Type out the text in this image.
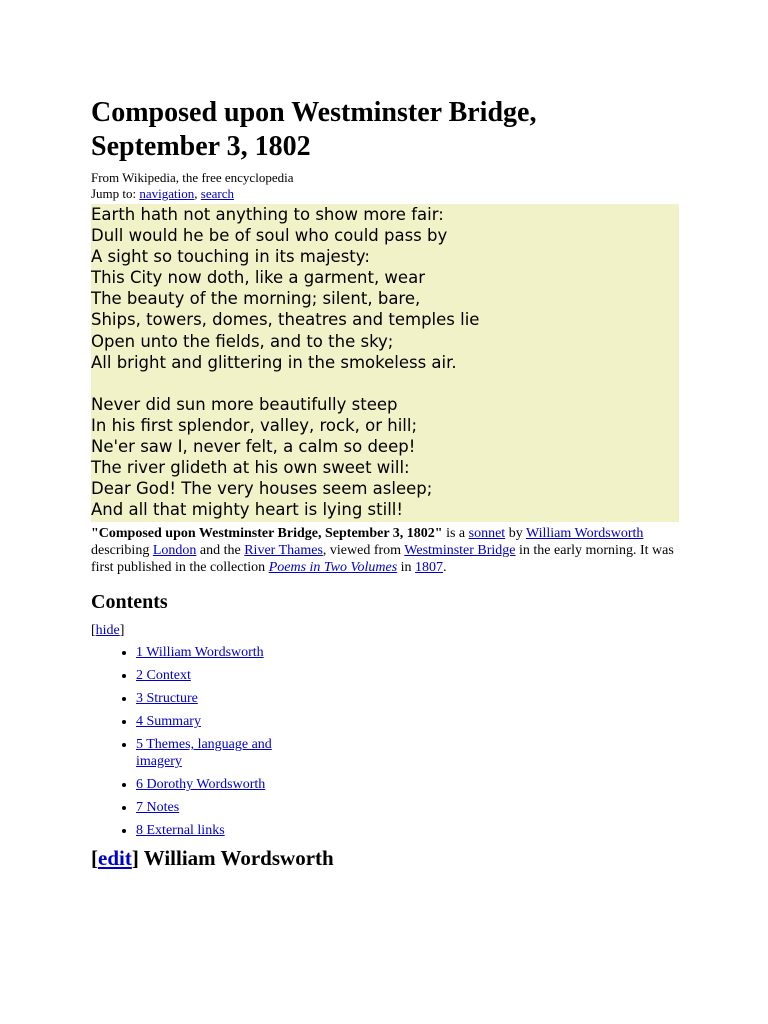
Composed upon Westminster Bridge,
September 3, 1802
From Wikipedia, the free encyclopedia
Jump to: navigation, search
Earth hath not anything to show more fair:
Dull would he be of soul who could pass by
A sight so touching in its majesty:
This City now doth, like a garment, wear
The beauty of the morning; silent, bare,
Ships, towers, domes, theatres and temples lie
Open unto the fields, and to the sky;
All bright and glittering in the smokeless air.
Never did sun more beautifully steep
In his first splendor, valley, rock, or hill;
Ne'er saw I, never felt, a calm so deep!
The river glideth at his own sweet will:
Dear God! The very houses seem asleep;
And all that mighty heart is lying still!

"Composed upon Westminster Bridge, September 3, 1802" is a sonnet by William Wordsworth describing London and the River Thames, viewed from Westminster Bridge in the early morning. It was first published in the collection Poems in Two Volumes in 1807.

Contents
[hide]
• 1 William Wordsworth
• 2 Context
• 3 Structure
• 4 Summary
• 5 Themes, language and imagery
• 6 Dorothy Wordsworth
• 7 Notes
• 8 External links
[edit] William Wordsworth
